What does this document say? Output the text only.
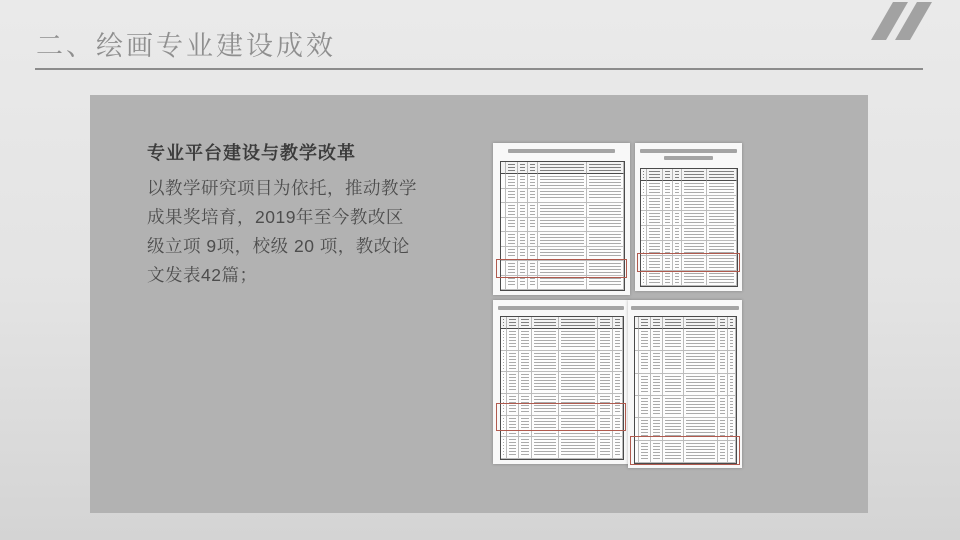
二、绘画专业建设成效
专业平台建设与教学改革

以教学研究项目为依托，推动教学成果奖培育，2019年至今教改区级立项 9项，校级 20 项，教改论文发表42篇；
